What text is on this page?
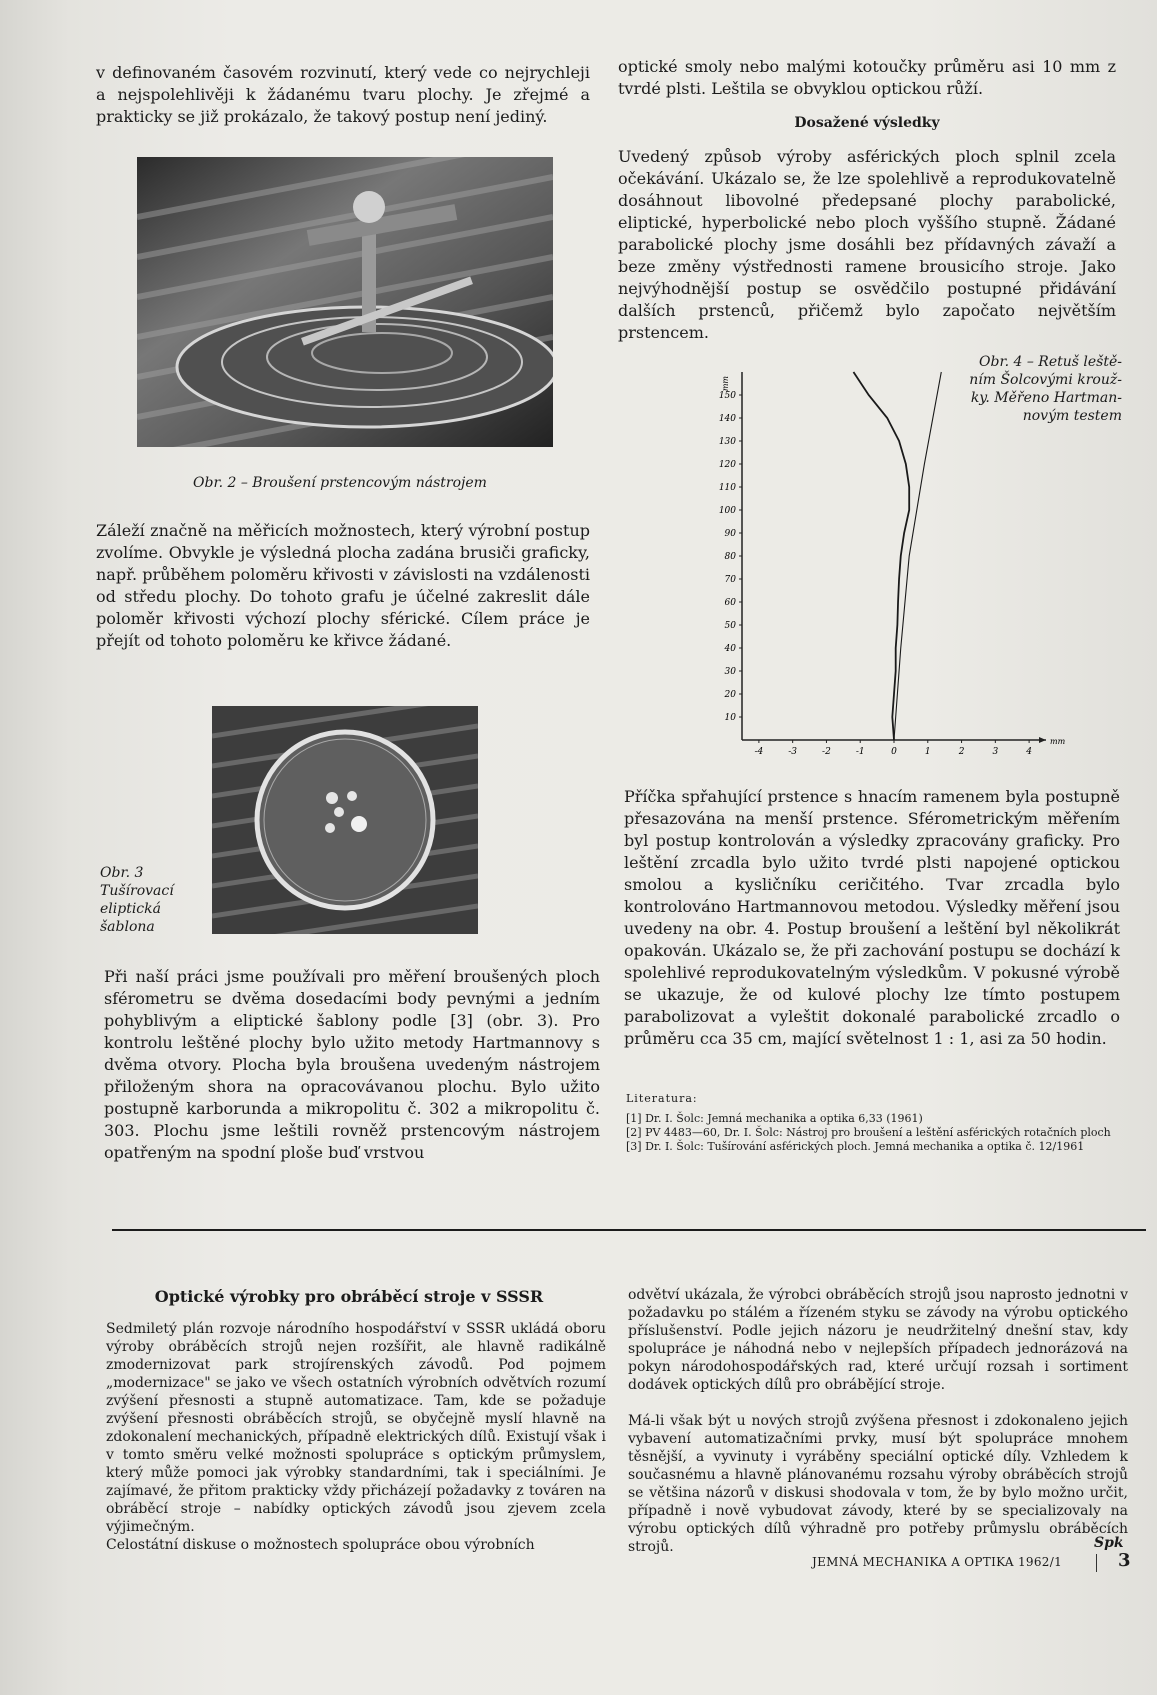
v definovaném časovém rozvinutí, který vede co nejrychleji a nejspolehlivěji k žádanému tvaru plochy. Je zřejmé a prakticky se již prokázalo, že takový postup není jediný.
Obr. 2 – Broušení prstencovým nástrojem
Záleží značně na měřicích možnostech, který výrobní postup zvolíme. Obvykle je výsledná plocha zadána brusiči graficky, např. průběhem poloměru křivosti v závislosti na vzdálenosti od středu plochy. Do tohoto grafu je účelné zakreslit dále poloměr křivosti výchozí plochy sférické. Cílem práce je přejít od tohoto poloměru ke křivce žádané.
Obr. 3
Tušírovací
eliptická
šablona
Při naší práci jsme používali pro měření broušených ploch sférometru se dvěma dosedacími body pevnými a jedním pohyblivým a eliptické šablony podle [3] (obr. 3). Pro kontrolu leštěné plochy bylo užito metody Hartmannovy s dvěma otvory. Plocha byla broušena uvedeným nástrojem přiloženým shora na opracovávanou plochu. Bylo užito postupně karborunda a mikropolitu č. 302 a mikropolitu č. 303. Plochu jsme leštili rovněž prstencovým nástrojem opatřeným na spodní ploše buď vrstvou
optické smoly nebo malými kotoučky průměru asi 10 mm z tvrdé plsti. Leštila se obvyklou optickou růží.
Dosažené výsledky
Uvedený způsob výroby asférických ploch splnil zcela očekávání. Ukázalo se, že lze spolehlivě a reprodukovatelně dosáhnout libovolné předepsané plochy parabolické, eliptické, hyperbolické nebo ploch vyššího stupně. Žádané parabolické plochy jsme dosáhli bez přídavných závaží a beze změny výstřednosti ramene brousicího stroje. Jako nejvýhodnější postup se osvědčilo postupné přidávání dalších prstenců, přičemž bylo započato největším prstencem.
Obr. 4 – Retuš leště-
ním Šolcovými krouž-
ky. Měřeno Hartman-
novým testem
mm
10
20
30
40
50
60
70
80
90
100
110
120
130
140
150
-4	-3	-2	-1	0	1	2	3	4
mm
Příčka spřahující prstence s hnacím ramenem byla postupně přesazována na menší prstence. Sférometrickým měřením byl postup kontrolován a výsledky zpracovány graficky. Pro leštění zrcadla bylo užito tvrdé plsti napojené optickou smolou a kysličníku ceričitého. Tvar zrcadla bylo kontrolováno Hartmannovou metodou. Výsledky měření jsou uvedeny na obr. 4. Postup broušení a leštění byl několikrát opakován. Ukázalo se, že při zachování postupu se dochází k spolehlivé reprodukovatelným výsledkům. V pokusné výrobě se ukazuje, že od kulové plochy lze tímto postupem parabolizovat a vyleštit dokonalé parabolické zrcadlo o průměru cca 35 cm, mající světelnost 1 : 1, asi za 50 hodin.
Literatura:
[1] Dr. I. Šolc: Jemná mechanika a optika 6,33 (1961)
[2] PV 4483—60, Dr. I. Šolc: Nástroj pro broušení a leštění asférických rotačních ploch
[3] Dr. I. Šolc: Tušírování asférických ploch. Jemná mechanika a optika č. 12/1961
Optické výrobky pro obráběcí stroje v SSSR
Sedmiletý plán rozvoje národního hospodářství v SSSR ukládá oboru výroby obráběcích strojů nejen rozšířit, ale hlavně radikálně zmodernizovat park strojírenských závodů. Pod pojmem „modernizace" se jako ve všech ostatních výrobních odvětvích rozumí zvýšení přesnosti a stupně automatizace. Tam, kde se požaduje zvýšení přesnosti obráběcích strojů, se obyčejně myslí hlavně na zdokonalení mechanických, případně elektrických dílů. Existují však i v tomto směru velké možnosti spolupráce s optickým průmyslem, který může pomoci jak výrobky standardními, tak i speciálními. Je zajímavé, že přitom prakticky vždy přicházejí požadavky z továren na obráběcí stroje – nabídky optických závodů jsou zjevem zcela výjimečným.
Celostátní diskuse o možnostech spolupráce obou výrobních
odvětví ukázala, že výrobci obráběcích strojů jsou naprosto jednotni v požadavku po stálém a řízeném styku se závody na výrobu optického příslušenství. Podle jejich názoru je neudržitelný dnešní stav, kdy spolupráce je náhodná nebo v nejlepších případech jednorázová na pokyn národohospodářských rad, které určují rozsah i sortiment dodávek optických dílů pro obrábějící stroje.
Má-li však být u nových strojů zvýšena přesnost i zdokonaleno jejich vybavení automatizačními prvky, musí být spolupráce mnohem těsnější, a vyvinuty i vyráběny speciální optické díly. Vzhledem k současnému a hlavně plánovanému rozsahu výroby obráběcích strojů se většina názorů v diskusi shodovala v tom, že by bylo možno určit, případně i nově vybudovat závody, které by se specializovaly na výrobu optických dílů výhradně pro potřeby průmyslu obráběcích strojů.	Spk
JEMNÁ MECHANIKA A OPTIKA 1962/1	3
